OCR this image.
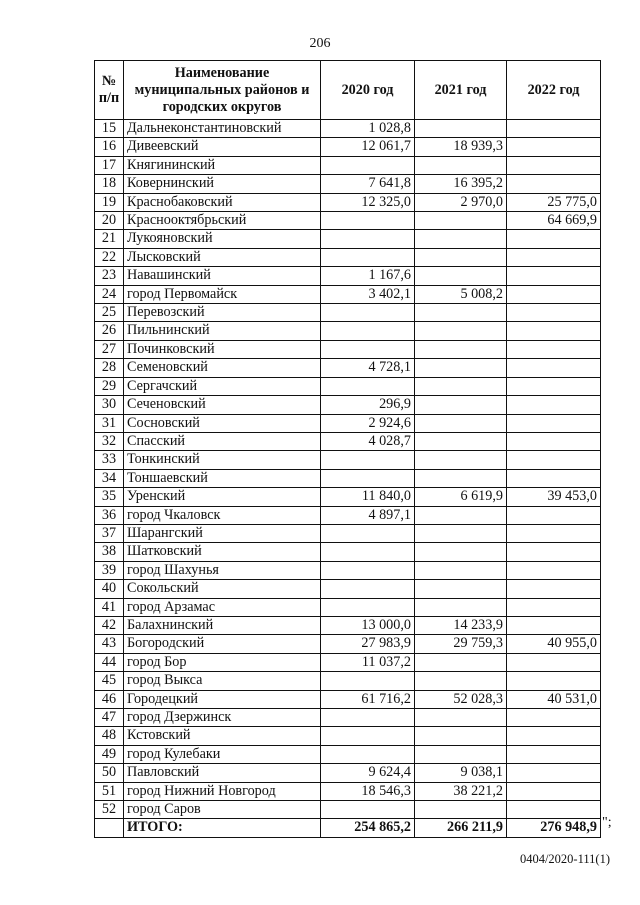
206
№ п/п	Наименование муниципальных районов и городских округов	2020 год	2021 год	2022 год
15	Дальнеконстантиновский	1 028,8		
16	Дивеевский	12 061,7	18 939,3	
17	Княгининский			
18	Ковернинский	7 641,8	16 395,2	
19	Краснобаковский	12 325,0	2 970,0	25 775,0
20	Краснооктябрьский			64 669,9
21	Лукояновский			
22	Лысковский			
23	Навашинский	1 167,6		
24	город Первомайск	3 402,1	5 008,2	
25	Перевозский			
26	Пильнинский			
27	Починковский			
28	Семеновский	4 728,1		
29	Сергачский			
30	Сеченовский	296,9		
31	Сосновский	2 924,6		
32	Спасский	4 028,7		
33	Тонкинский			
34	Тоншаевский			
35	Уренский	11 840,0	6 619,9	39 453,0
36	город Чкаловск	4 897,1		
37	Шарангский			
38	Шатковский			
39	город Шахунья			
40	Сокольский			
41	город Арзамас			
42	Балахнинский	13 000,0	14 233,9	
43	Богородский	27 983,9	29 759,3	40 955,0
44	город Бор	11 037,2		
45	город Выкса			
46	Городецкий	61 716,2	52 028,3	40 531,0
47	город Дзержинск			
48	Кстовский			
49	город Кулебаки			
50	Павловский	9 624,4	9 038,1	
51	город Нижний Новгород	18 546,3	38 221,2	
52	город Саров			
	ИТОГО:	254 865,2	266 211,9	276 948,9 ";
0404/2020-111(1)
